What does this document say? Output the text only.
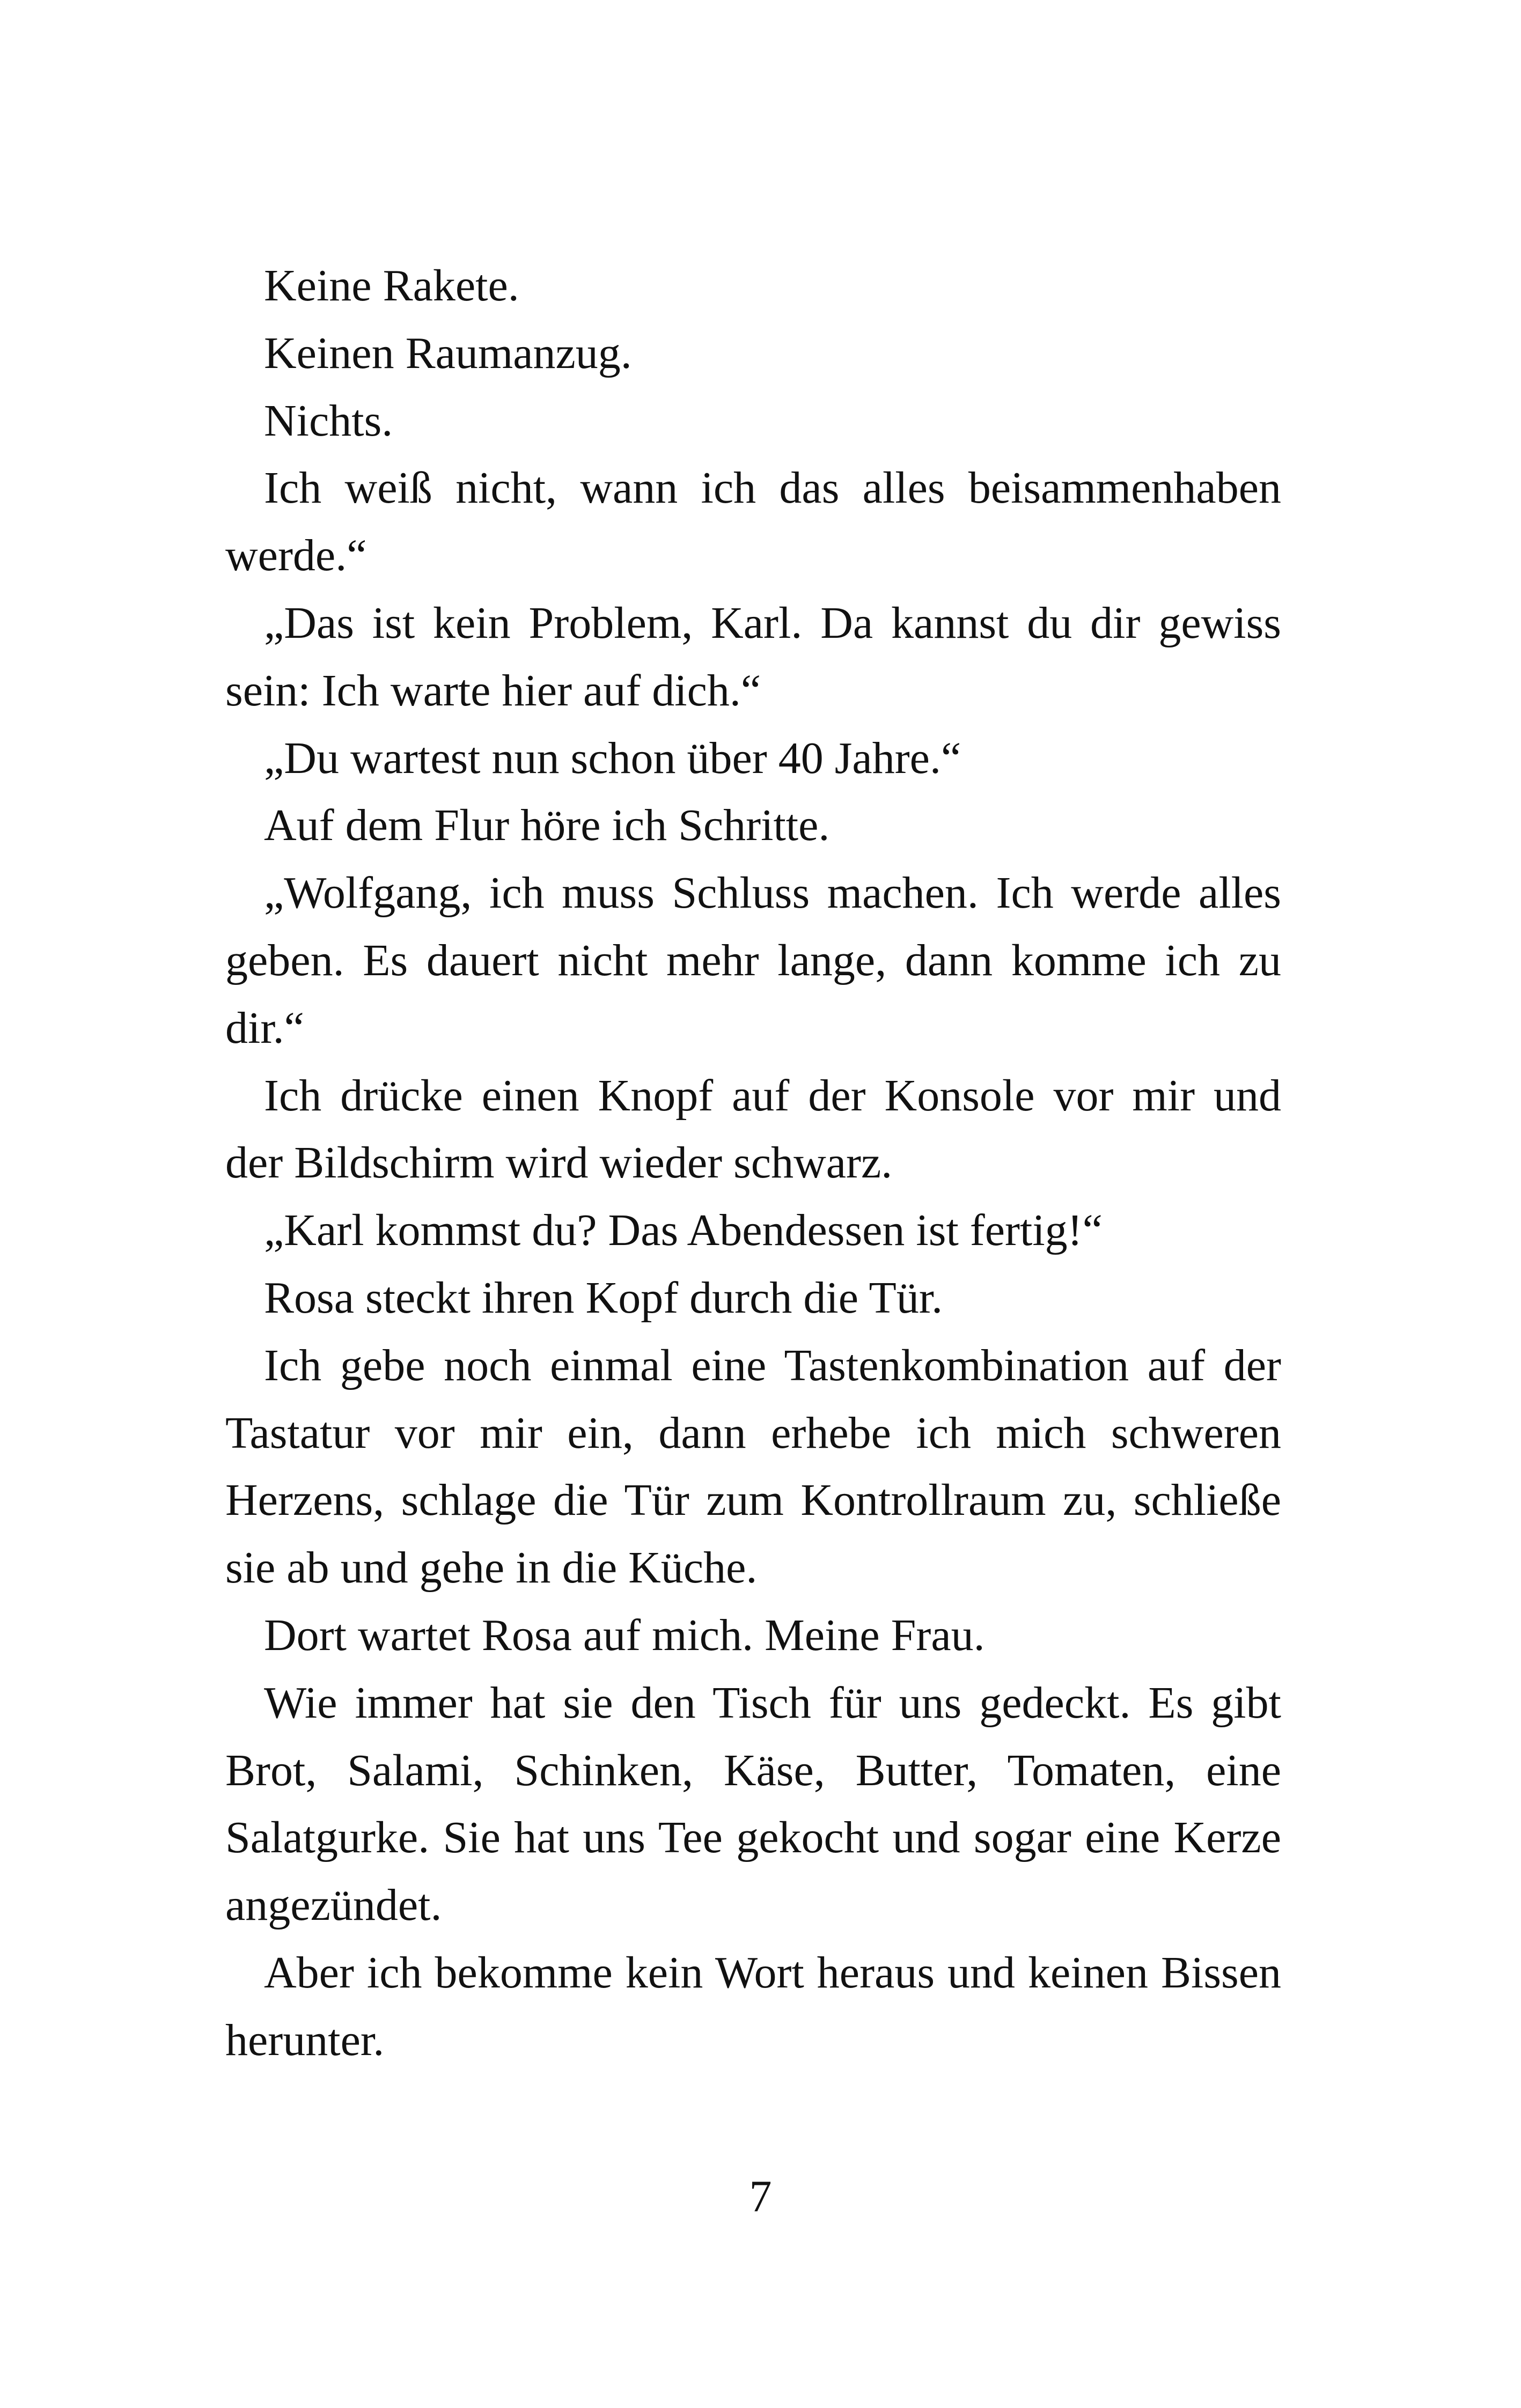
Keine Rakete.

Keinen Raumanzug.

Nichts.

Ich weiß nicht, wann ich das alles beisammenhaben werde.“

„Das ist kein Problem, Karl. Da kannst du dir gewiss sein: Ich warte hier auf dich.“

„Du wartest nun schon über 40 Jahre.“

Auf dem Flur höre ich Schritte.

„Wolfgang, ich muss Schluss machen. Ich werde alles geben. Es dauert nicht mehr lange, dann komme ich zu dir.“

Ich drücke einen Knopf auf der Konsole vor mir und der Bildschirm wird wieder schwarz.

„Karl kommst du? Das Abendessen ist fertig!“

Rosa steckt ihren Kopf durch die Tür.

Ich gebe noch einmal eine Tastenkombination auf der Tastatur vor mir ein, dann erhebe ich mich schweren Herzens, schlage die Tür zum Kontrollraum zu, schließe sie ab und gehe in die Küche.

Dort wartet Rosa auf mich. Meine Frau.

Wie immer hat sie den Tisch für uns gedeckt. Es gibt Brot, Salami, Schinken, Käse, Butter, Tomaten, eine Salatgurke. Sie hat uns Tee gekocht und sogar eine Kerze angezündet.

Aber ich bekomme kein Wort heraus und keinen Bissen herunter.

7
